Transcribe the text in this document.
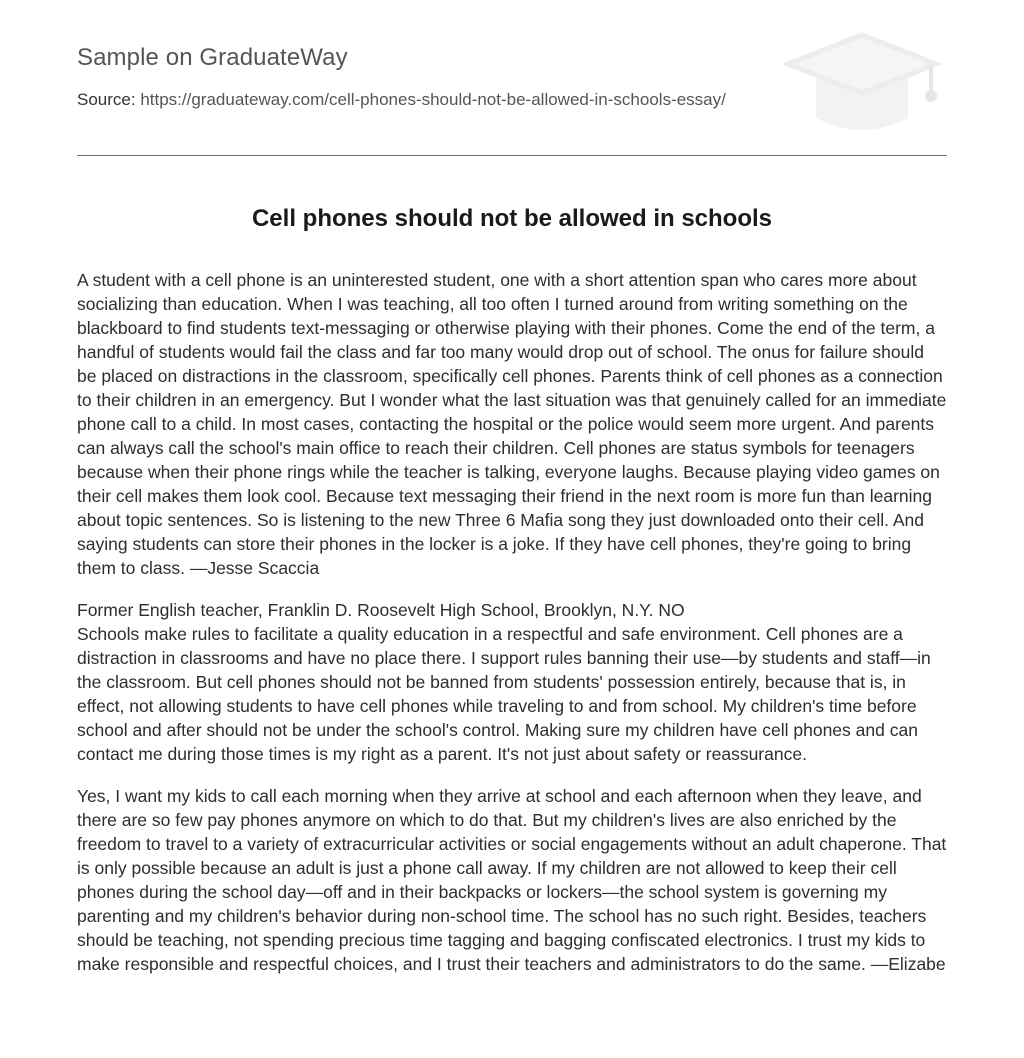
Sample on GraduateWay
Source: https://graduateway.com/cell-phones-should-not-be-allowed-in-schools-essay/
Cell phones should not be allowed in schools

A student with a cell phone is an uninterested student, one with a short attention span who cares more about socializing than education. When I was teaching, all too often I turned around from writing something on the blackboard to find students text-messaging or otherwise playing with their phones. Come the end of the term, a handful of students would fail the class and far too many would drop out of school. The onus for failure should be placed on distractions in the classroom, specifically cell phones. Parents think of cell phones as a connection to their children in an emergency. But I wonder what the last situation was that genuinely called for an immediate phone call to a child. In most cases, contacting the hospital or the police would seem more urgent. And parents can always call the school's main office to reach their children. Cell phones are status symbols for teenagers because when their phone rings while the teacher is talking, everyone laughs. Because playing video games on their cell makes them look cool. Because text messaging their friend in the next room is more fun than learning about topic sentences. So is listening to the new Three 6 Mafia song they just downloaded onto their cell. And saying students can store their phones in the locker is a joke. If they have cell phones, they're going to bring them to class. —Jesse Scaccia

Former English teacher, Franklin D. Roosevelt High School, Brooklyn, N.Y. NO
Schools make rules to facilitate a quality education in a respectful and safe environment. Cell phones are a distraction in classrooms and have no place there. I support rules banning their use—by students and staff—in the classroom. But cell phones should not be banned from students' possession entirely, because that is, in effect, not allowing students to have cell phones while traveling to and from school. My children's time before school and after should not be under the school's control. Making sure my children have cell phones and can contact me during those times is my right as a parent. It's not just about safety or reassurance.

Yes, I want my kids to call each morning when they arrive at school and each afternoon when they leave, and there are so few pay phones anymore on which to do that. But my children's lives are also enriched by the freedom to travel to a variety of extracurricular activities or social engagements without an adult chaperone. That is only possible because an adult is just a phone call away. If my children are not allowed to keep their cell phones during the school day—off and in their backpacks or lockers—the school system is governing my parenting and my children's behavior during non-school time. The school has no such right. Besides, teachers should be teaching, not spending precious time tagging and bagging confiscated electronics. I trust my kids to make responsible and respectful choices, and I trust their teachers and administrators to do the same. —Elizabe
